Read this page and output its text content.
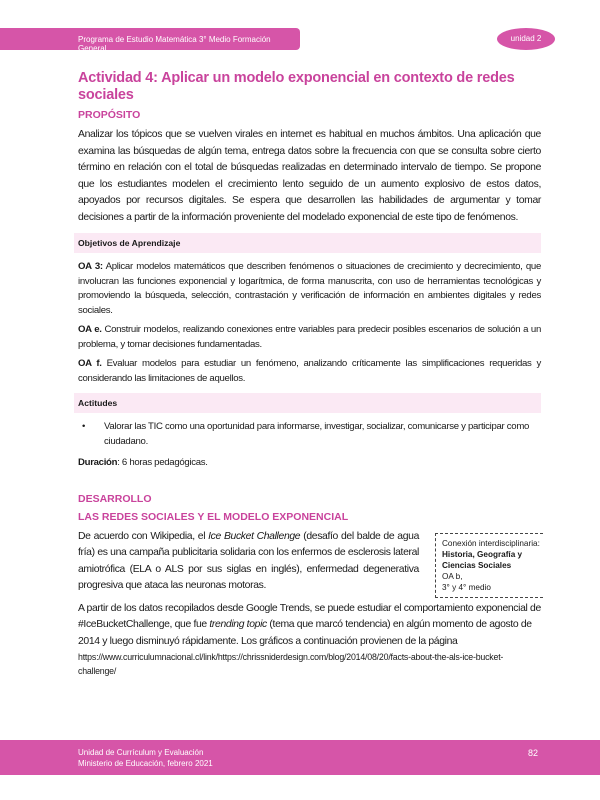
Programa de Estudio Matemática 3° Medio Formación General
unidad 2
Actividad 4: Aplicar un modelo exponencial en contexto de redes sociales
PROPÓSITO

Analizar los tópicos que se vuelven virales en internet es habitual en muchos ámbitos. Una aplicación que examina las búsquedas de algún tema, entrega datos sobre la frecuencia con que se consulta sobre cierto término en relación con el total de búsquedas realizadas en determinado intervalo de tiempo. Se propone que los estudiantes modelen el crecimiento lento seguido de un aumento explosivo de estos datos, apoyados por recursos digitales. Se espera que desarrollen las habilidades de argumentar y tomar decisiones a partir de la información proveniente del modelado exponencial de este tipo de fenómenos.

Objetivos de Aprendizaje

OA 3: Aplicar modelos matemáticos que describen fenómenos o situaciones de crecimiento y decrecimiento, que involucran las funciones exponencial y logarítmica, de forma manuscrita, con uso de herramientas tecnológicas y promoviendo la búsqueda, selección, contrastación y verificación de información en ambientes digitales y redes sociales.

OA e. Construir modelos, realizando conexiones entre variables para predecir posibles escenarios de solución a un problema, y tomar decisiones fundamentadas.

OA f. Evaluar modelos para estudiar un fenómeno, analizando críticamente las simplificaciones requeridas y considerando las limitaciones de aquellos.

Actitudes
• Valorar las TIC como una oportunidad para informarse, investigar, socializar, comunicarse y participar como ciudadano.

Duración: 6 horas pedagógicas.

DESARROLLO
LAS REDES SOCIALES Y EL MODELO EXPONENCIAL
Conexión interdisciplinaria:
Historia, Geografía y Ciencias Sociales
OA b,
3° y 4° medio

De acuerdo con Wikipedia, el Ice Bucket Challenge (desafío del balde de agua fría) es una campaña publicitaria solidaria con los enfermos de esclerosis lateral amiotrófica (ELA o ALS por sus siglas en inglés), enfermedad degenerativa progresiva que ataca las neuronas motoras.

A partir de los datos recopilados desde Google Trends, se puede estudiar el comportamiento exponencial de #IceBucketChallenge, que fue trending topic (tema que marcó tendencia) en algún momento de agosto de 2014 y luego disminuyó rápidamente. Los gráficos a continuación provienen de la página

https://www.curriculumnacional.cl/link/https://chrissniderdesign.com/blog/2014/08/20/facts-about-the-als-ice-bucket-challenge/

Unidad de Currículum y Evaluación
Ministerio de Educación, febrero 2021
82
